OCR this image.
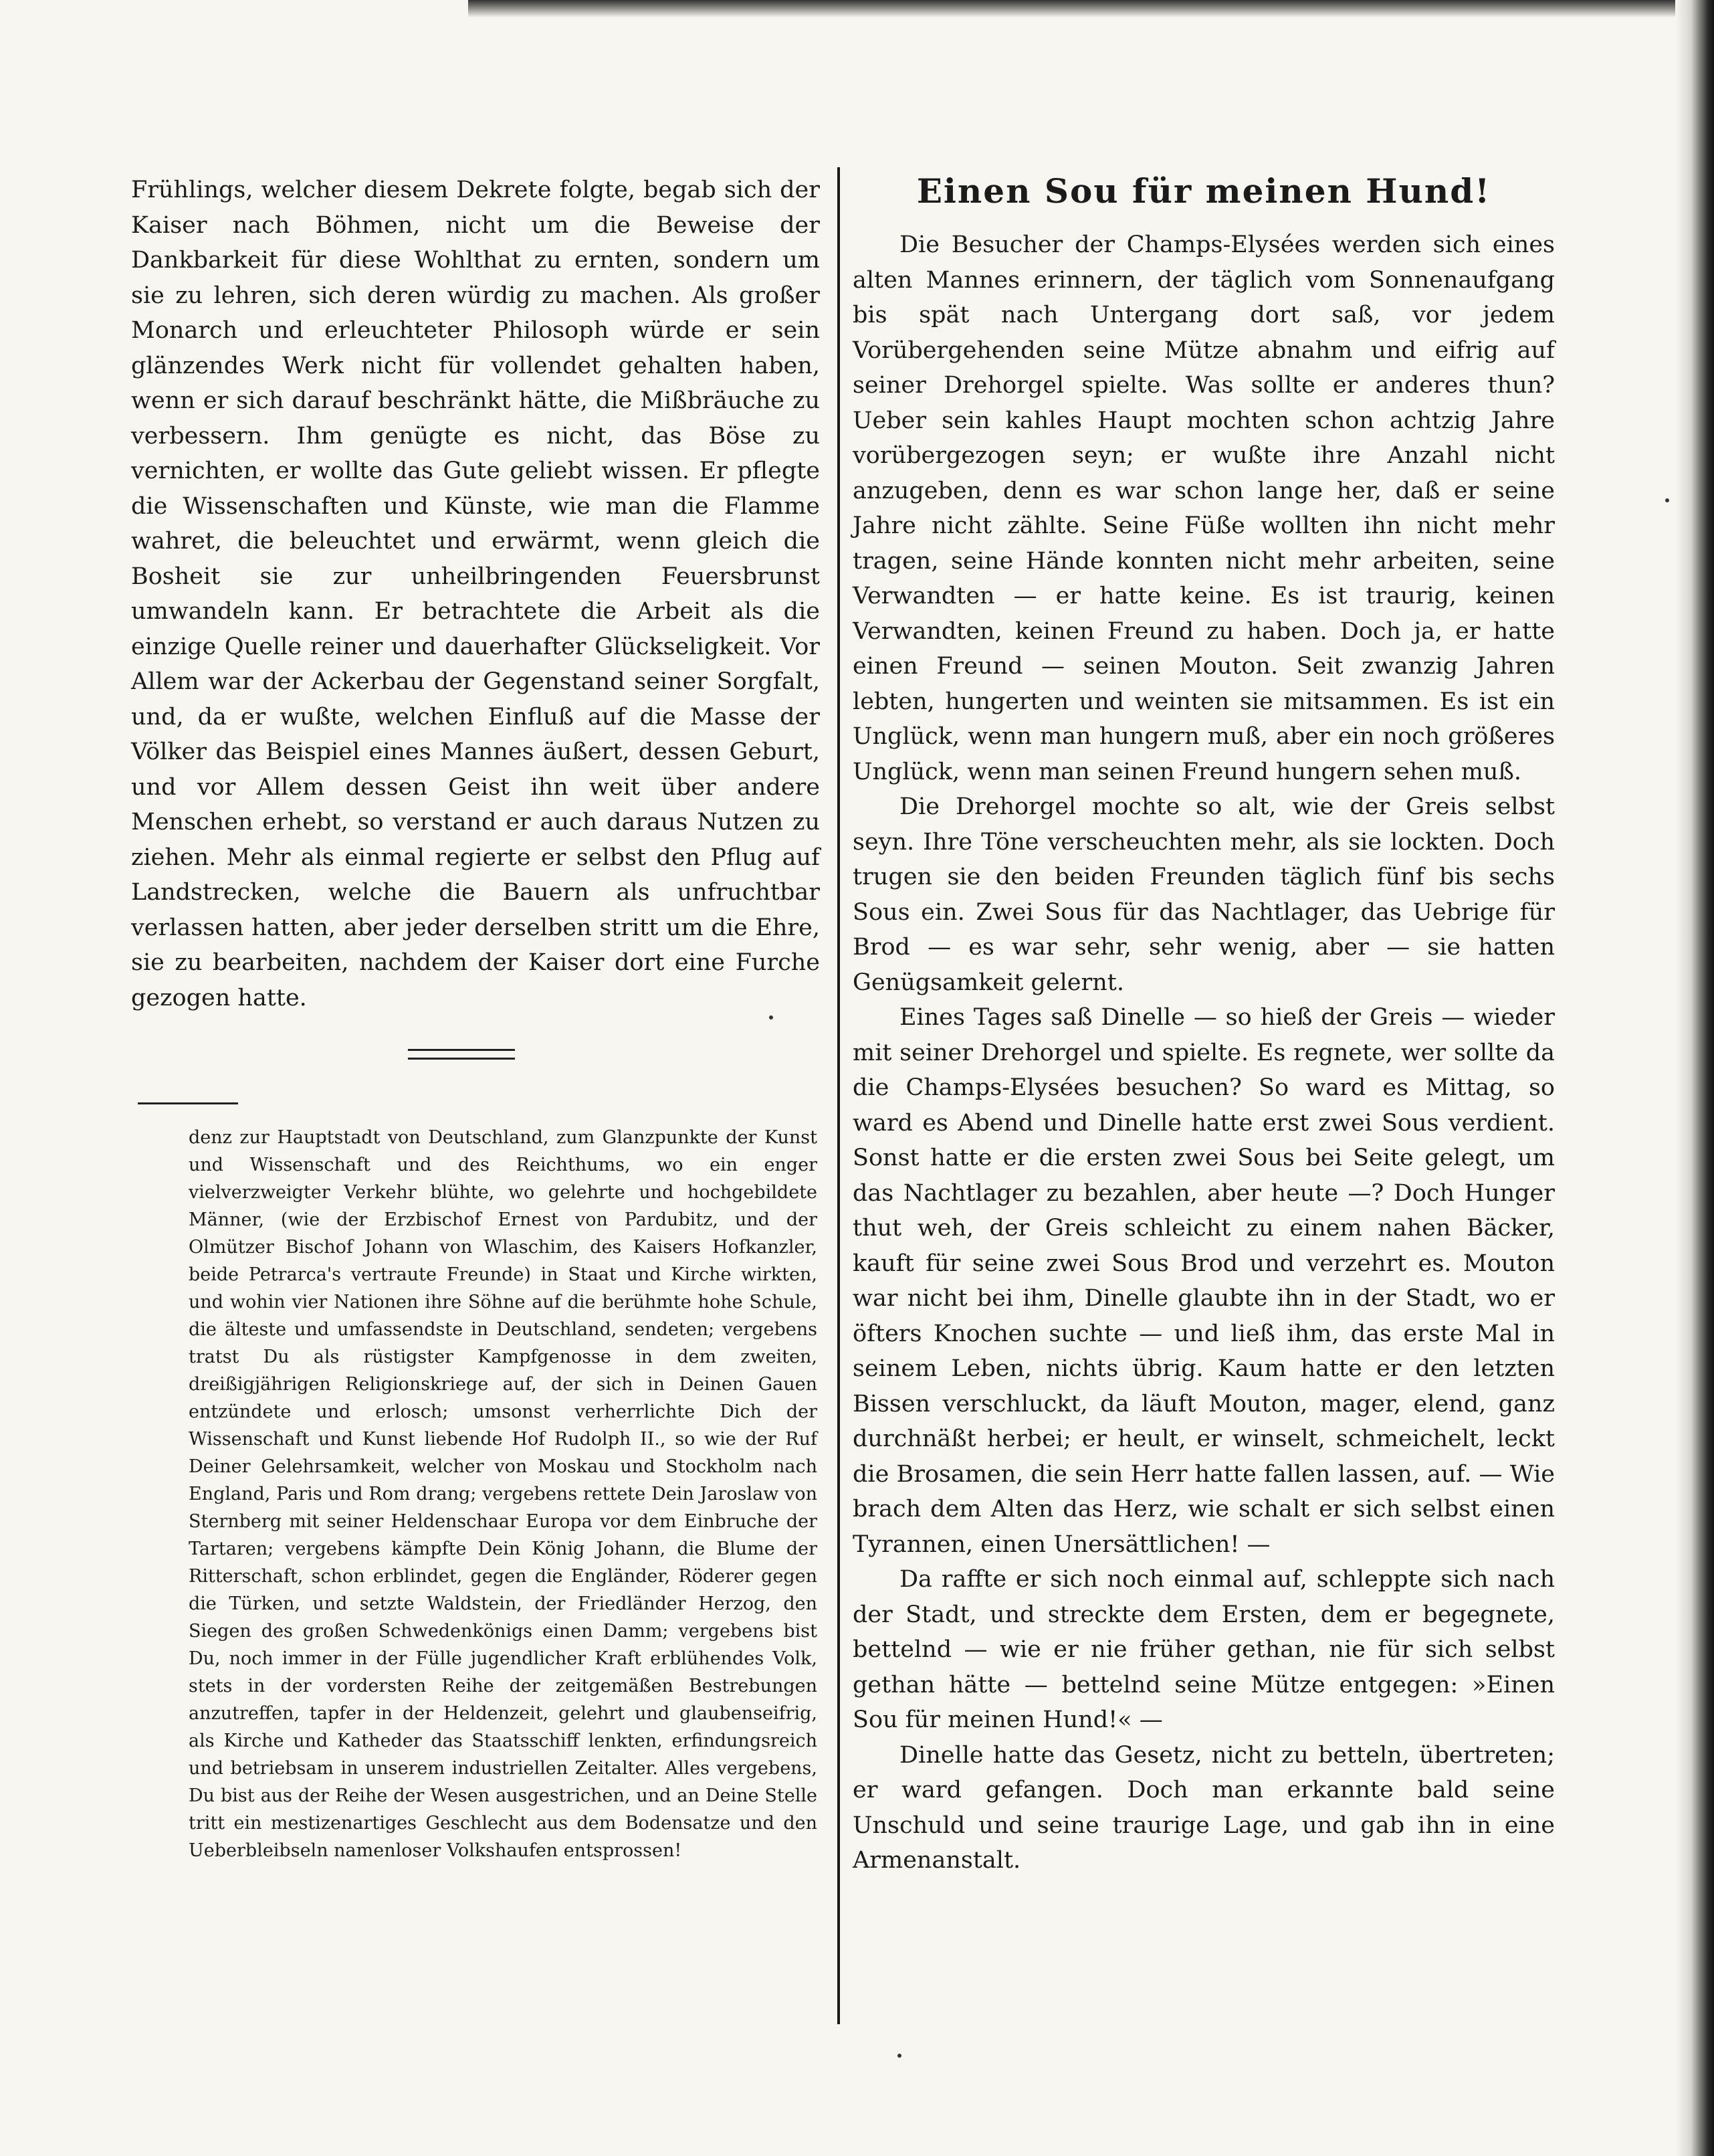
Frühlings, welcher diesem Dekrete folgte, begab sich der Kaiser nach Böhmen, nicht um die Beweise der Dankbarkeit für diese Wohlthat zu ernten, sondern um sie zu lehren, sich deren würdig zu machen. Als großer Monarch und erleuchteter Philosoph würde er sein glänzendes Werk nicht für vollendet gehalten haben, wenn er sich darauf beschränkt hätte, die Mißbräuche zu verbessern. Ihm genügte es nicht, das Böse zu vernichten, er wollte das Gute geliebt wissen. Er pflegte die Wissenschaften und Künste, wie man die Flamme wahret, die beleuchtet und erwärmt, wenn gleich die Bosheit sie zur unheilbringenden Feuersbrunst umwandeln kann. Er betrachtete die Arbeit als die einzige Quelle reiner und dauerhafter Glückseligkeit. Vor Allem war der Ackerbau der Gegenstand seiner Sorgfalt, und, da er wußte, welchen Einfluß auf die Masse der Völker das Beispiel eines Mannes äußert, dessen Geburt, und vor Allem dessen Geist ihn weit über andere Menschen erhebt, so verstand er auch daraus Nutzen zu ziehen. Mehr als einmal regierte er selbst den Pflug auf Landstrecken, welche die Bauern als unfruchtbar verlassen hatten, aber jeder derselben stritt um die Ehre, sie zu bearbeiten, nachdem der Kaiser dort eine Furche gezogen hatte.

denz zur Hauptstadt von Deutschland, zum Glanzpunkte der Kunst und Wissenschaft und des Reichthums, wo ein enger vielverzweigter Verkehr blühte, wo gelehrte und hochgebildete Männer, (wie der Erzbischof Ernest von Pardubitz, und der Olmützer Bischof Johann von Wlaschim, des Kaisers Hofkanzler, beide Petrarca's vertraute Freunde) in Staat und Kirche wirkten, und wohin vier Nationen ihre Söhne auf die berühmte hohe Schule, die älteste und umfassendste in Deutschland, sendeten; vergebens tratst Du als rüstigster Kampfgenosse in dem zweiten, dreißigjährigen Religionskriege auf, der sich in Deinen Gauen entzündete und erlosch; umsonst verherrlichte Dich der Wissenschaft und Kunst liebende Hof Rudolph II., so wie der Ruf Deiner Gelehrsamkeit, welcher von Moskau und Stockholm nach England, Paris und Rom drang; vergebens rettete Dein Jaroslaw von Sternberg mit seiner Heldenschaar Europa vor dem Einbruche der Tartaren; vergebens kämpfte Dein König Johann, die Blume der Ritterschaft, schon erblindet, gegen die Engländer, Röderer gegen die Türken, und setzte Waldstein, der Friedländer Herzog, den Siegen des großen Schwedenkönigs einen Damm; vergebens bist Du, noch immer in der Fülle jugendlicher Kraft erblühendes Volk, stets in der vordersten Reihe der zeitgemäßen Bestrebungen anzutreffen, tapfer in der Heldenzeit, gelehrt und glaubenseifrig, als Kirche und Katheder das Staatsschiff lenkten, erfindungsreich und betriebsam in unserem industriellen Zeitalter. Alles vergebens, Du bist aus der Reihe der Wesen ausgestrichen, und an Deine Stelle tritt ein mestizenartiges Geschlecht aus dem Bodensatze und den Ueberbleibseln namenloser Volkshaufen entsprossen!

Einen Sou für meinen Hund!

Die Besucher der Champs-Elysées werden sich eines alten Mannes erinnern, der täglich vom Sonnenaufgang bis spät nach Untergang dort saß, vor jedem Vorübergehenden seine Mütze abnahm und eifrig auf seiner Drehorgel spielte. Was sollte er anderes thun? Ueber sein kahles Haupt mochten schon achtzig Jahre vorübergezogen seyn; er wußte ihre Anzahl nicht anzugeben, denn es war schon lange her, daß er seine Jahre nicht zählte. Seine Füße wollten ihn nicht mehr tragen, seine Hände konnten nicht mehr arbeiten, seine Verwandten — er hatte keine. Es ist traurig, keinen Verwandten, keinen Freund zu haben. Doch ja, er hatte einen Freund — seinen Mouton. Seit zwanzig Jahren lebten, hungerten und weinten sie mitsammen. Es ist ein Unglück, wenn man hungern muß, aber ein noch größeres Unglück, wenn man seinen Freund hungern sehen muß.

Die Drehorgel mochte so alt, wie der Greis selbst seyn. Ihre Töne verscheuchten mehr, als sie lockten. Doch trugen sie den beiden Freunden täglich fünf bis sechs Sous ein. Zwei Sous für das Nachtlager, das Uebrige für Brod — es war sehr, sehr wenig, aber — sie hatten Genügsamkeit gelernt.

Eines Tages saß Dinelle — so hieß der Greis — wieder mit seiner Drehorgel und spielte. Es regnete, wer sollte da die Champs-Elysées besuchen? So ward es Mittag, so ward es Abend und Dinelle hatte erst zwei Sous verdient. Sonst hatte er die ersten zwei Sous bei Seite gelegt, um das Nachtlager zu bezahlen, aber heute —? Doch Hunger thut weh, der Greis schleicht zu einem nahen Bäcker, kauft für seine zwei Sous Brod und verzehrt es. Mouton war nicht bei ihm, Dinelle glaubte ihn in der Stadt, wo er öfters Knochen suchte — und ließ ihm, das erste Mal in seinem Leben, nichts übrig. Kaum hatte er den letzten Bissen verschluckt, da läuft Mouton, mager, elend, ganz durchnäßt herbei; er heult, er winselt, schmeichelt, leckt die Brosamen, die sein Herr hatte fallen lassen, auf. — Wie brach dem Alten das Herz, wie schalt er sich selbst einen Tyrannen, einen Unersättlichen! —

Da raffte er sich noch einmal auf, schleppte sich nach der Stadt, und streckte dem Ersten, dem er begegnete, bettelnd — wie er nie früher gethan, nie für sich selbst gethan hätte — bettelnd seine Mütze entgegen: »Einen Sou für meinen Hund!« —

Dinelle hatte das Gesetz, nicht zu betteln, übertreten; er ward gefangen. Doch man erkannte bald seine Unschuld und seine traurige Lage, und gab ihn in eine Armenanstalt.
